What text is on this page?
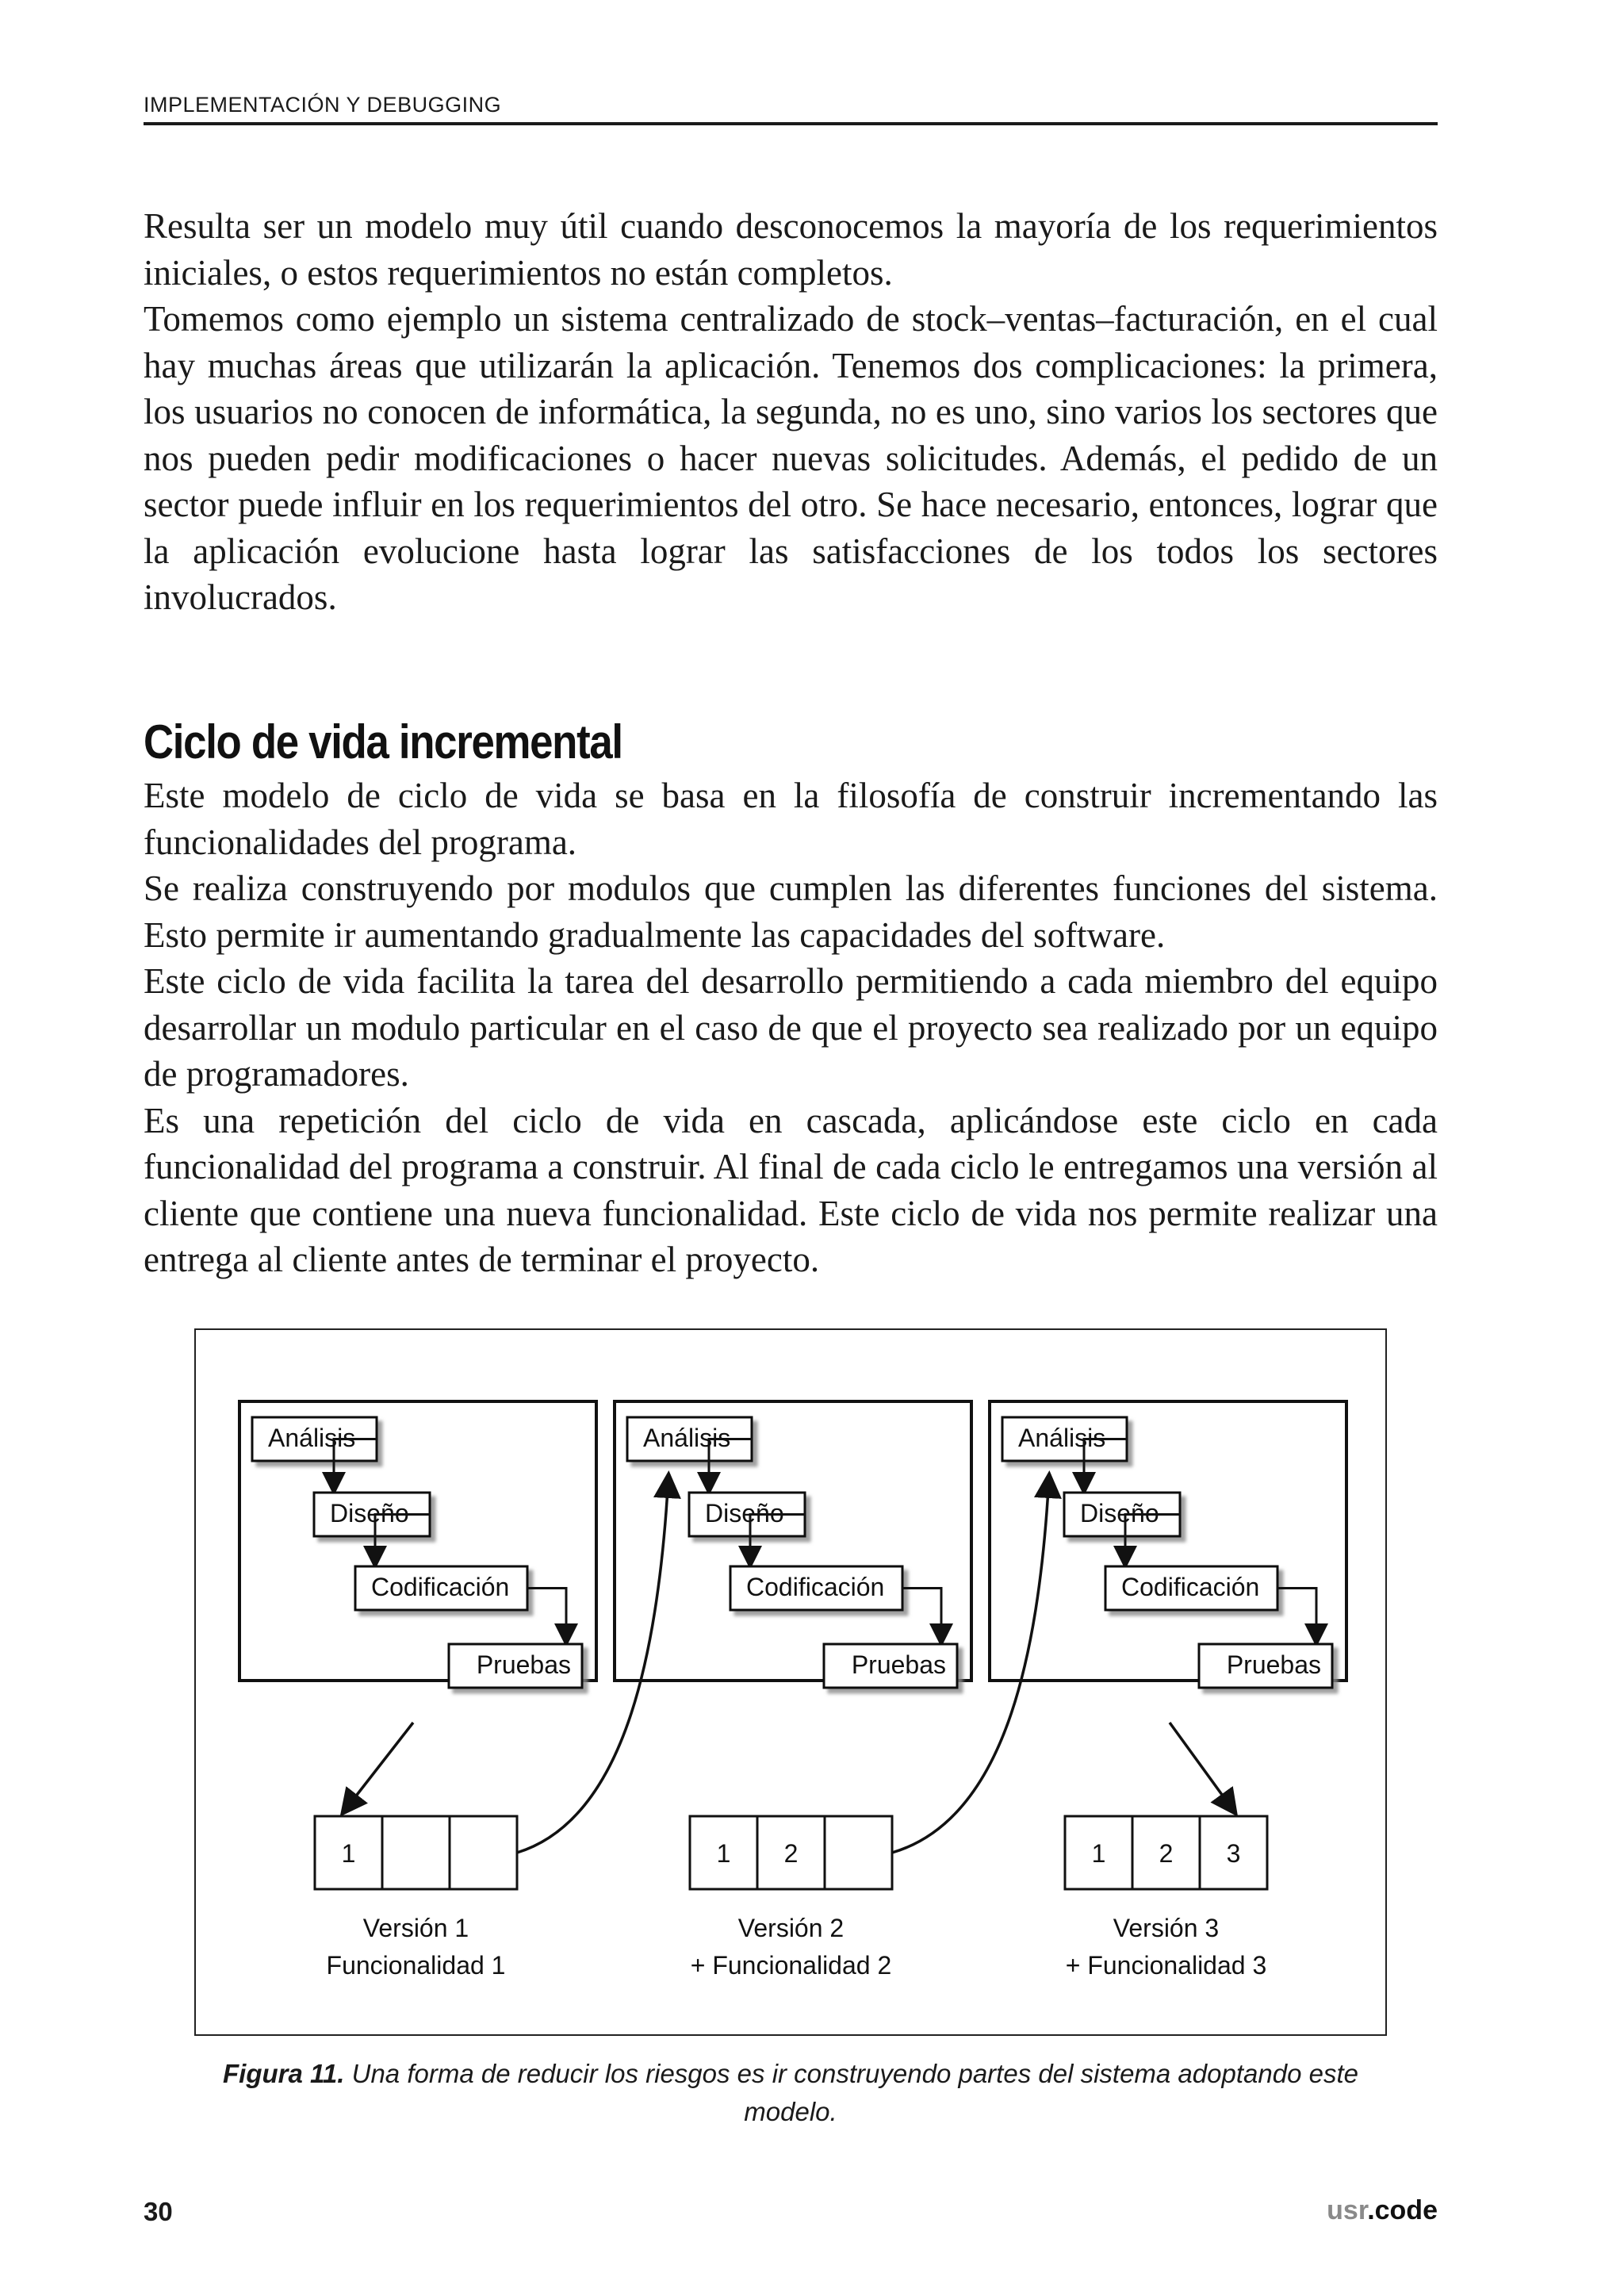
IMPLEMENTACIÓN Y DEBUGGING

Resulta ser un modelo muy útil cuando desconocemos la mayoría de los requerimientos iniciales, o estos requerimientos no están completos.

Tomemos como ejemplo un sistema centralizado de stock–ventas–facturación, en el cual hay muchas áreas que utilizarán la aplicación. Tenemos dos complicaciones: la primera, los usuarios no conocen de informática, la segunda, no es uno, sino varios los sectores que nos pueden pedir modificaciones o hacer nuevas solicitudes. Además, el pedido de un sector puede influir en los requerimientos del otro. Se hace necesario, entonces, lograr que la aplicación evolucione hasta lograr las satisfacciones de los todos los sectores involucrados.

Ciclo de vida incremental

Este modelo de ciclo de vida se basa en la filosofía de construir incrementando las funcionalidades del programa.

Se realiza construyendo por modulos que cumplen las diferentes funciones del sistema. Esto permite ir aumentando gradualmente las capacidades del software.

Este ciclo de vida facilita la tarea del desarrollo permitiendo a cada miembro del equipo desarrollar un modulo particular en el caso de que el proyecto sea realizado por un equipo de programadores.

Es una repetición del ciclo de vida en cascada, aplicándose este ciclo en cada funcionalidad del programa a construir. Al final de cada ciclo le entregamos una versión al cliente que contiene una nueva funcionalidad. Este ciclo de vida nos permite realizar una entrega al cliente antes de terminar el proyecto.

Análisis
Diseño
Codificación
Pruebas
Análisis
Diseño
Codificación
Pruebas
Análisis
Diseño
Codificación
Pruebas
1
Versión 1
Funcionalidad 1
1 2
Versión 2
+ Funcionalidad 2
1 2 3
Versión 3
+ Funcionalidad 3
Figura 11. Una forma de reducir los riesgos es ir construyendo partes del sistema adoptando este modelo.
30	usr.code
